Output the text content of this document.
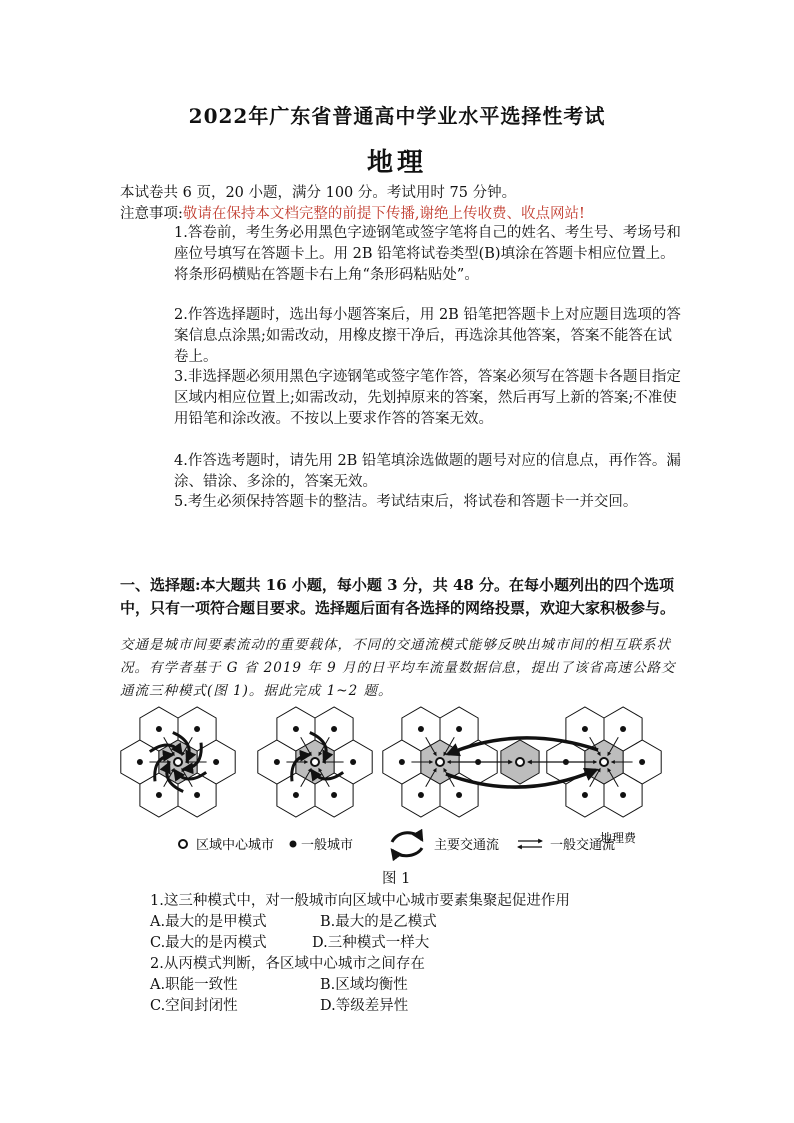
2022年广东省普通高中学业水平选择性考试
地理
本试卷共 6 页，20 小题，满分 100 分。考试用时 75 分钟。
注意事项:敬请在保持本文档完整的前提下传播,谢绝上传收费、收点网站!
1.答卷前，考生务必用黑色字迹钢笔或签字笔将自己的姓名、考生号、考场号和座位号填写在答题卡上。用 2B 铅笔将试卷类型(B)填涂在答题卡相应位置上。将条形码横贴在答题卡右上角“条形码粘贴处”。
2.作答选择题时，选出每小题答案后，用 2B 铅笔把答题卡上对应题目选项的答案信息点涂黑;如需改动，用橡皮擦干净后，再选涂其他答案，答案不能答在试卷上。
3.非选择题必须用黑色字迹钢笔或签字笔作答，答案必须写在答题卡各题目指定区域内相应位置上;如需改动，先划掉原来的答案，然后再写上新的答案;不准使用铅笔和涂改液。不按以上要求作答的答案无效。
4.作答选考题时，请先用 2B 铅笔填涂选做题的题号对应的信息点，再作答。漏涂、错涂、多涂的，答案无效。
5.考生必须保持答题卡的整洁。考试结束后，将试卷和答题卡一并交回。
一、选择题:本大题共 16 小题，每小题 3 分，共 48 分。在每小题列出的四个选项中，只有一项符合题目要求。选择题后面有各选择的网络投票，欢迎大家积极参与。
交通是城市间要素流动的重要载体，不同的交通流模式能够反映出城市间的相互联系状况。有学者基于 G 省 2019 年 9 月的日平均车流量数据信息，提出了该省高速公路交通流三种模式(图 1)。据此完成 1~2 题。
区域中心城市 一般城市	主要交通流	一般交通流
地理费
图 1
1.这三种模式中，对一般城市向区域中心城市要素集聚起促进作用
A.最大的是甲模式	B.最大的是乙模式
C.最大的是丙模式	D.三种模式一样大
2.从丙模式判断，各区域中心城市之间存在
A.职能一致性	B.区域均衡性
C.空间封闭性	D.等级差异性
